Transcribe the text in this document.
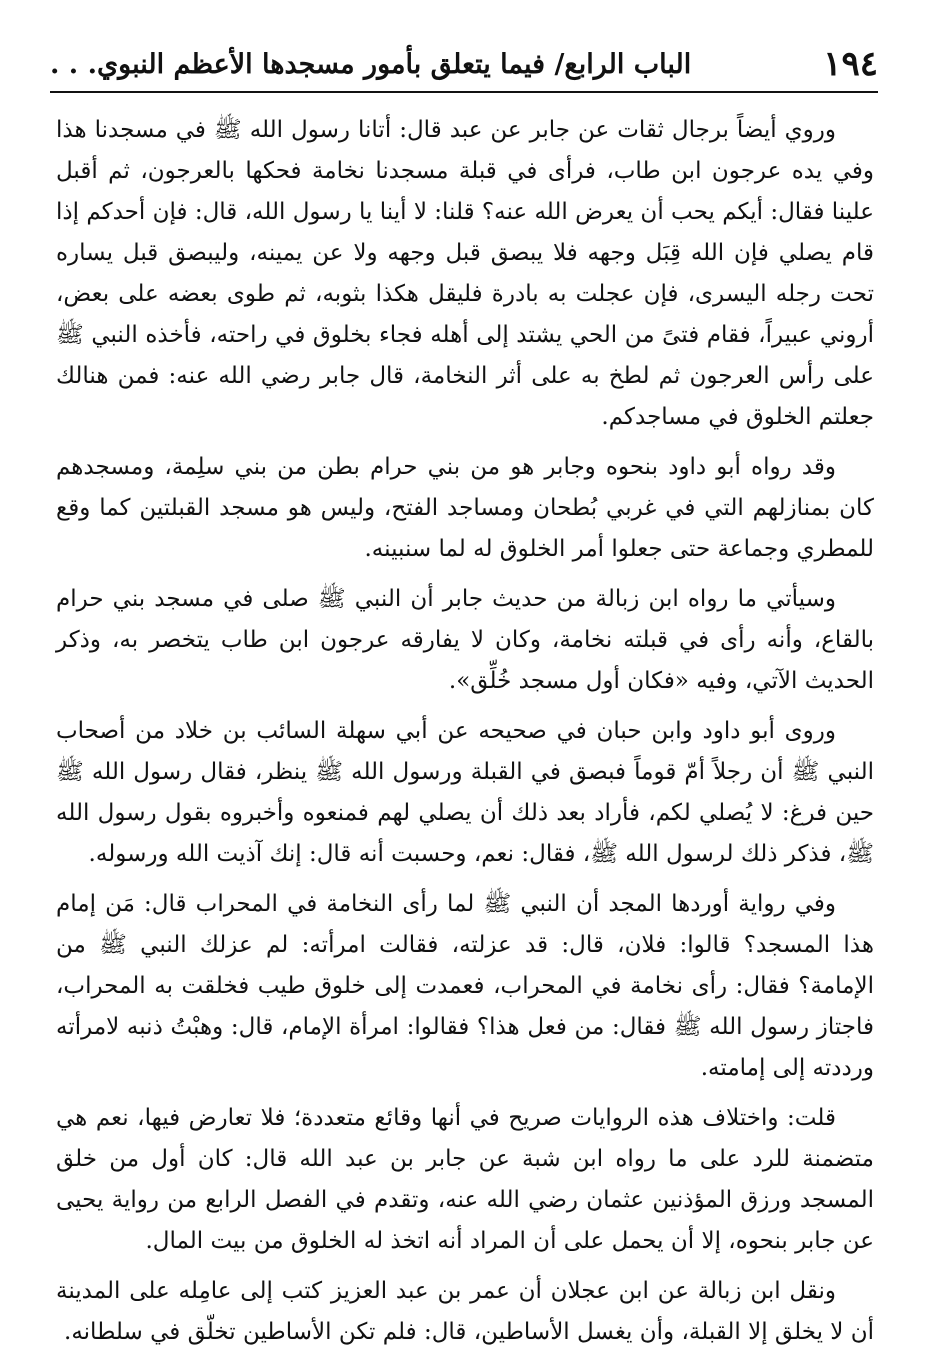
١٩٤
الباب الرابع/ فيما يتعلق بأمور مسجدها الأعظم النبوي. . .

وروي أيضاً برجال ثقات عن جابر عن عبد قال: أتانا رسول الله ﷺ في مسجدنا هذا وفي يده عرجون ابن طاب، فرأى في قبلة مسجدنا نخامة فحكها بالعرجون، ثم أقبل علينا فقال: أيكم يحب أن يعرض الله عنه؟ قلنا: لا أينا يا رسول الله، قال: فإن أحدكم إذا قام يصلي فإن الله قِبَل وجهه فلا يبصق قبل وجهه ولا عن يمينه، وليبصق قبل يساره تحت رجله اليسرى، فإن عجلت به بادرة فليقل هكذا بثوبه، ثم طوى بعضه على بعض، أروني عبيراً، فقام فتىً من الحي يشتد إلى أهله فجاء بخلوق في راحته، فأخذه النبي ﷺ على رأس العرجون ثم لطخ به على أثر النخامة، قال جابر رضي الله عنه: فمن هنالك جعلتم الخلوق في مساجدكم.

وقد رواه أبو داود بنحوه وجابر هو من بني حرام بطن من بني سلِمة، ومسجدهم كان بمنازلهم التي في غربي بُطحان ومساجد الفتح، وليس هو مسجد القبلتين كما وقع للمطري وجماعة حتى جعلوا أمر الخلوق له لما سنبينه.

وسيأتي ما رواه ابن زبالة من حديث جابر أن النبي ﷺ صلى في مسجد بني حرام بالقاع، وأنه رأى في قبلته نخامة، وكان لا يفارقه عرجون ابن طاب يتخصر به، وذكر الحديث الآتي، وفيه «فكان أول مسجد خُلِّق».

وروى أبو داود وابن حبان في صحيحه عن أبي سهلة السائب بن خلاد من أصحاب النبي ﷺ أن رجلاً أمّ قوماً فبصق في القبلة ورسول الله ﷺ ينظر، فقال رسول الله ﷺ حين فرغ: لا يُصلي لكم، فأراد بعد ذلك أن يصلي لهم فمنعوه وأخبروه بقول رسول الله ﷺ، فذكر ذلك لرسول الله ﷺ، فقال: نعم، وحسبت أنه قال: إنك آذيت الله ورسوله.

وفي رواية أوردها المجد أن النبي ﷺ لما رأى النخامة في المحراب قال: مَن إمام هذا المسجد؟ قالوا: فلان، قال: قد عزلته، فقالت امرأته: لم عزلك النبي ﷺ من الإمامة؟ فقال: رأى نخامة في المحراب، فعمدت إلى خلوق طيب فخلقت به المحراب، فاجتاز رسول الله ﷺ فقال: من فعل هذا؟ فقالوا: امرأة الإمام، قال: وهبْتُ ذنبه لامرأته ورددته إلى إمامته.

قلت: واختلاف هذه الروايات صريح في أنها وقائع متعددة؛ فلا تعارض فيها، نعم هي متضمنة للرد على ما رواه ابن شبة عن جابر بن عبد الله قال: كان أول من خلق المسجد ورزق المؤذنين عثمان رضي الله عنه، وتقدم في الفصل الرابع من رواية يحيى عن جابر بنحوه، إلا أن يحمل على أن المراد أنه اتخذ له الخلوق من بيت المال.

ونقل ابن زبالة عن ابن عجلان أن عمر بن عبد العزيز كتب إلى عامِله على المدينة أن لا يخلق إلا القبلة، وأن يغسل الأساطين، قال: فلم تكن الأساطين تخلّق في سلطانه.
